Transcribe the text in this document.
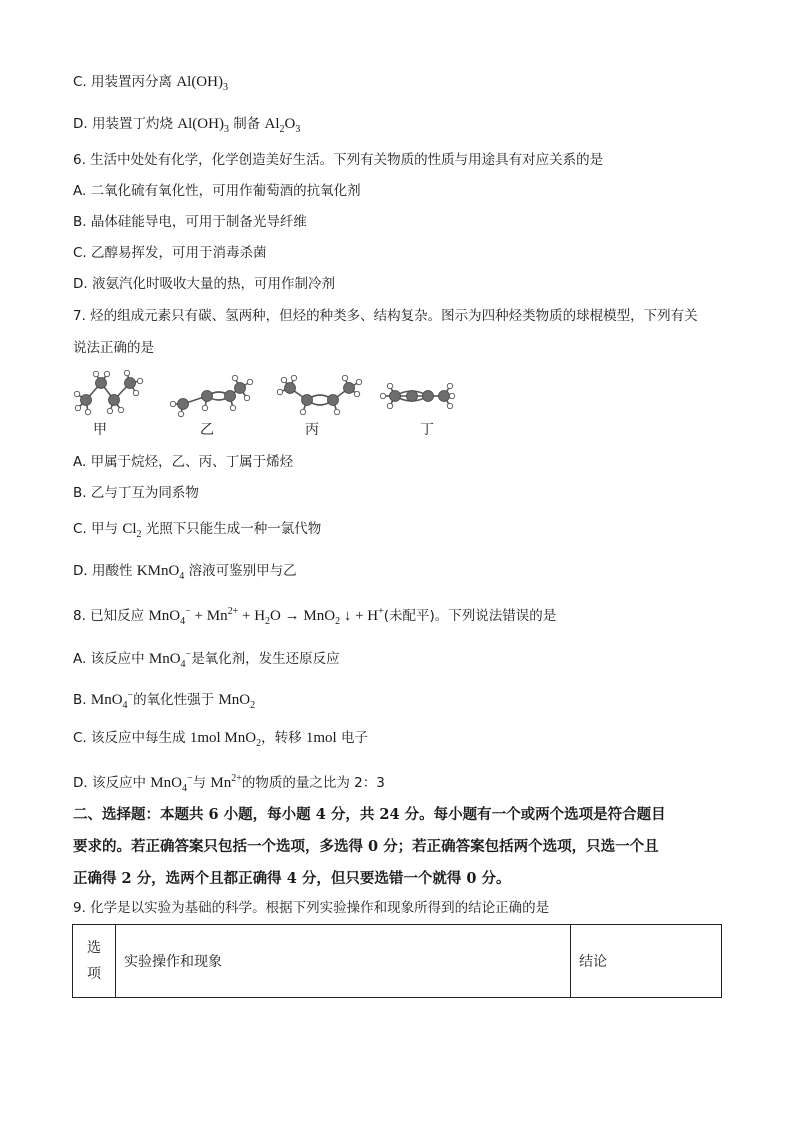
C. 用装置丙分离 $Al(OH)_3$
D. 用装置丁灼烧 $Al(OH)_3$ 制备 $Al_2O_3$
6. 生活中处处有化学，化学创造美好生活。下列有关物质的性质与用途具有对应关系的是
A. 二氧化硫有氧化性，可用作葡萄酒的抗氧化剂
B. 晶体硅能导电，可用于制备光导纤维
C. 乙醇易挥发，可用于消毒杀菌
D. 液氨汽化时吸收大量的热，可用作制冷剂
7. 烃的组成元素只有碳、氢两种，但烃的种类多、结构复杂。图示为四种烃类物质的球棍模型，下列有关
说法正确的是
甲	乙	丙	丁
A. 甲属于烷烃，乙、丙、丁属于烯烃
B. 乙与丁互为同系物
C. 甲与 $Cl_2$ 光照下只能生成一种一氯代物
D. 用酸性 KMnO$_4$ 溶液可鉴别甲与乙
8. 已知反应 $MnO_4^- + Mn^{2+} + H_2O \to MnO_2$ ↓ + H+(未配平)。下列说法错误的是
A. 该反应中 MnO$_4$−是氧化剂，发生还原反应
B. MnO$_4$−的氧化性强于 MnO$_2$
C. 该反应中每生成 1mol MnO$_2$，转移 1mol 电子
D. 该反应中 MnO$_4$−与 $Mn^{2+}$的物质的量之比为 2：3
二、选择题：本题共 6 小题，每小题 4 分，共 24 分。每小题有一个或两个选项是符合题目
要求的。若正确答案只包括一个选项，多选得 0 分；若正确答案包括两个选项，只选一个且
正确得 2 分，选两个且都正确得 4 分，但只要选错一个就得 0 分。
9. 化学是以实验为基础的科学。根据下列实验操作和现象所得到的结论正确的是
选
项	实验操作和现象	结论
